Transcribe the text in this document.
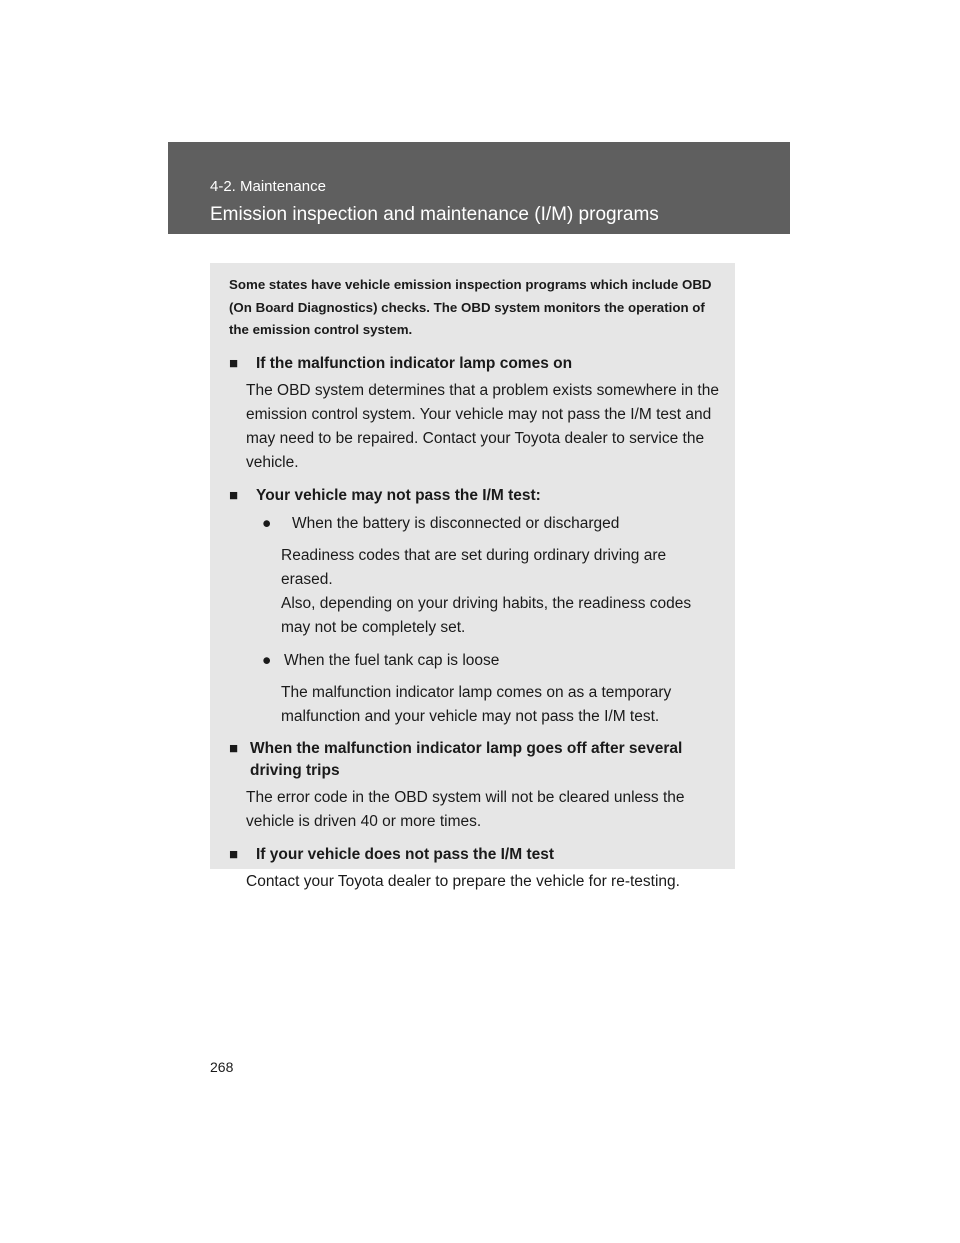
4-2. Maintenance
Emission inspection and maintenance (I/M) programs

Some states have vehicle emission inspection programs which include OBD (On Board Diagnostics) checks. The OBD system monitors the operation of the emission control system.

■	If the malfunction indicator lamp comes on

The OBD system determines that a problem exists somewhere in the emission control system. Your vehicle may not pass the I/M test and may need to be repaired. Contact your Toyota dealer to service the vehicle.

■	Your vehicle may not pass the I/M test:
●	When the battery is disconnected or discharged

Readiness codes that are set during ordinary driving are erased.
Also, depending on your driving habits, the readiness codes may not be completely set.

● When the fuel tank cap is loose

The malfunction indicator lamp comes on as a temporary malfunction and your vehicle may not pass the I/M test.

■ When the malfunction indicator lamp goes off after several driving trips

The error code in the OBD system will not be cleared unless the vehicle is driven 40 or more times.

■	If your vehicle does not pass the I/M test

Contact your Toyota dealer to prepare the vehicle for re-testing.

268
